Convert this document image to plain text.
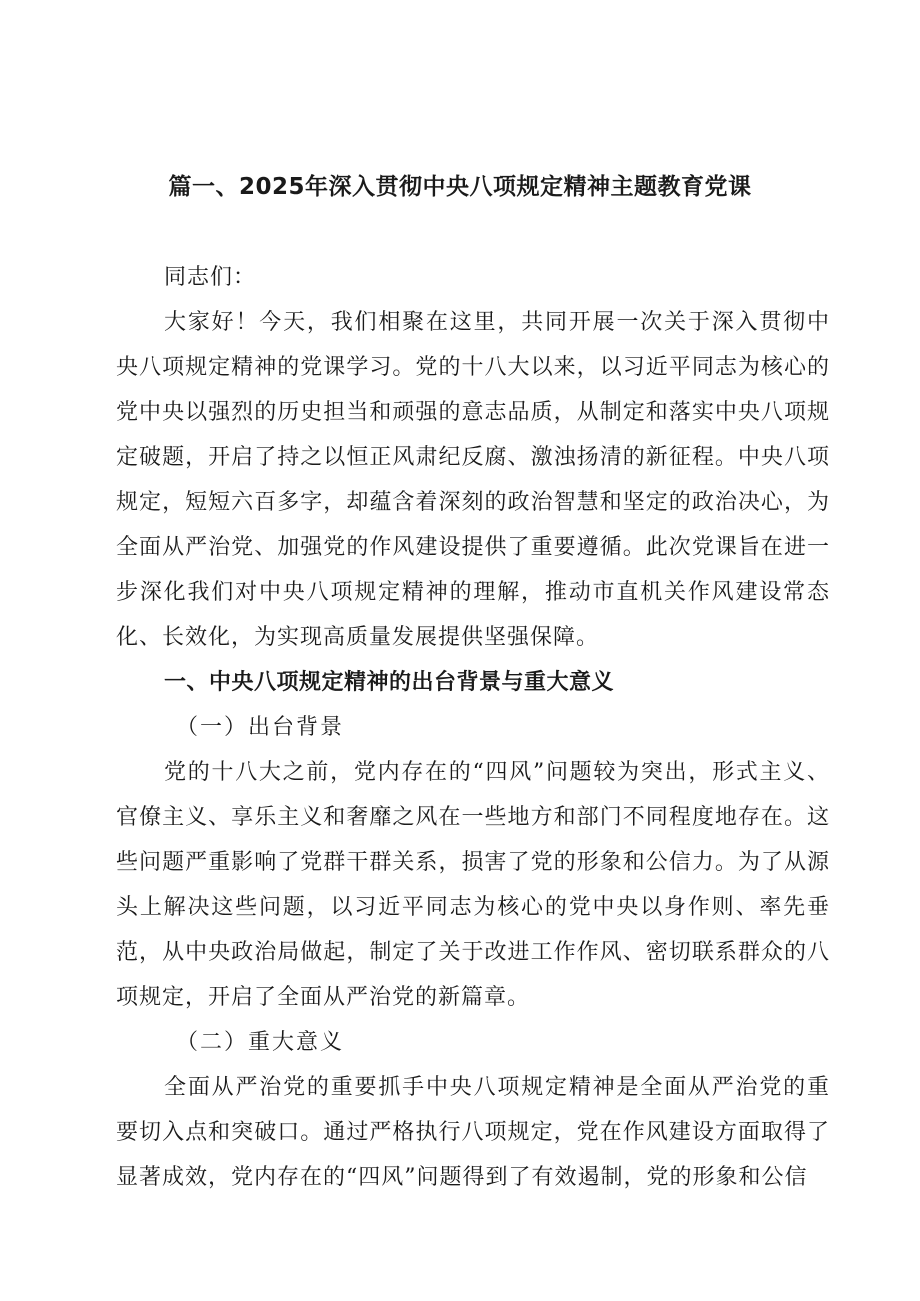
篇一、2025年深入贯彻中央八项规定精神主题教育党课

同志们：

大家好！今天，我们相聚在这里，共同开展一次关于深入贯彻中央八项规定精神的党课学习。党的十八大以来，以习近平同志为核心的党中央以强烈的历史担当和顽强的意志品质，从制定和落实中央八项规定破题，开启了持之以恒正风肃纪反腐、激浊扬清的新征程。中央八项规定，短短六百多字，却蕴含着深刻的政治智慧和坚定的政治决心，为全面从严治党、加强党的作风建设提供了重要遵循。此次党课旨在进一步深化我们对中央八项规定精神的理解，推动市直机关作风建设常态化、长效化，为实现高质量发展提供坚强保障。

一、中央八项规定精神的出台背景与重大意义

（一）出台背景

党的十八大之前，党内存在的“四风”问题较为突出，形式主义、官僚主义、享乐主义和奢靡之风在一些地方和部门不同程度地存在。这些问题严重影响了党群干群关系，损害了党的形象和公信力。为了从源头上解决这些问题，以习近平同志为核心的党中央以身作则、率先垂范，从中央政治局做起，制定了关于改进工作作风、密切联系群众的八项规定，开启了全面从严治党的新篇章。

（二）重大意义

全面从严治党的重要抓手中央八项规定精神是全面从严治党的重要切入点和突破口。通过严格执行八项规定，党在作风建设方面取得了显著成效，党内存在的“四风”问题得到了有效遏制，党的形象和公信
